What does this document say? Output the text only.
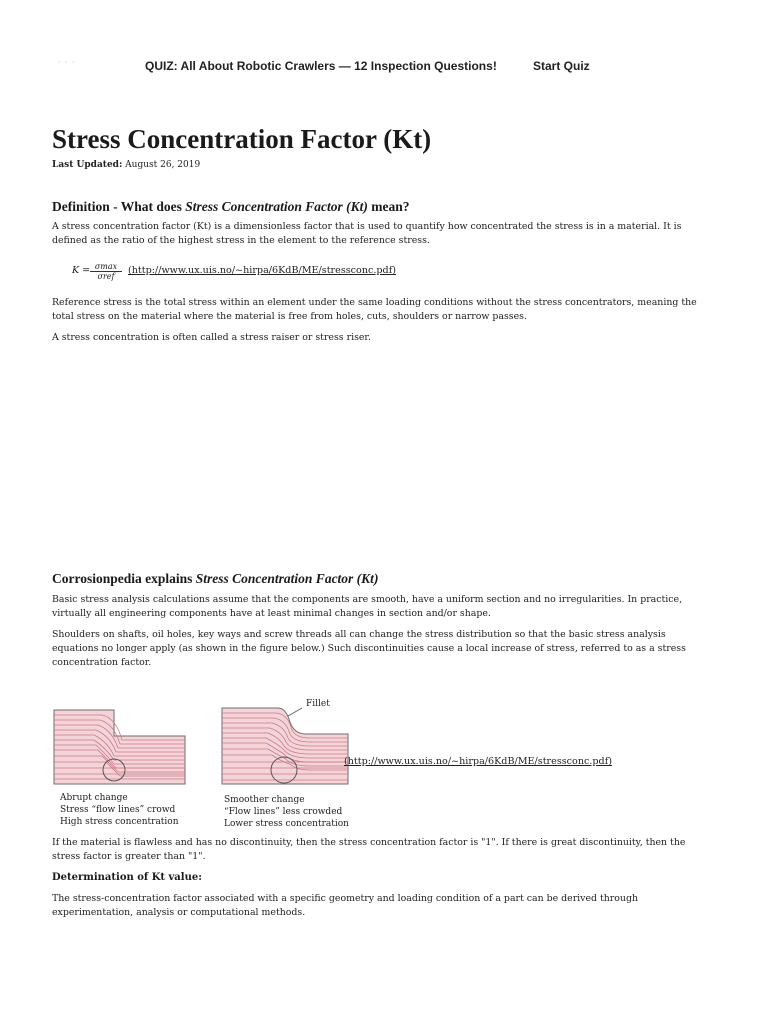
· · ·	QUIZ: All About Robotic Crawlers — 12 Inspection Questions!	Start Quiz
Stress Concentration Factor (Kt)
Last Updated: August 26, 2019
Definition - What does Stress Concentration Factor (Kt) mean?

A stress concentration factor (Kt) is a dimensionless factor that is used to quantify how concentrated the stress is in a material. It is defined as the ratio of the highest stress in the element to the reference stress.

K = σmax
σref
(http://www.ux.uis.no/~hirpa/6KdB/ME/stressconc.pdf)

Reference stress is the total stress within an element under the same loading conditions without the stress concentrators, meaning the total stress on the material where the material is free from holes, cuts, shoulders or narrow passes.

A stress concentration is often called a stress raiser or stress riser.

Corrosionpedia explains Stress Concentration Factor (Kt)

Basic stress analysis calculations assume that the components are smooth, have a uniform section and no irregularities. In practice, virtually all engineering components have at least minimal changes in section and/or shape.

Shoulders on shafts, oil holes, key ways and screw threads all can change the stress distribution so that the basic stress analysis equations no longer apply (as shown in the figure below.) Such discontinuities cause a local increase of stress, referred to as a stress concentration factor.

If the material is flawless and has no discontinuity, then the stress concentration factor is "1". If there is great discontinuity, then the stress factor is greater than "1".

Determination of Kt value:

The stress-concentration factor associated with a specific geometry and loading condition of a part can be derived through experimentation, analysis or computational methods.

Abrupt change
Stress “flow lines” crowd
High stress concentration
Fillet
Smoother change
“Flow lines” less crowded
Lower stress concentration
(http://www.ux.uis.no/~hirpa/6KdB/ME/stressconc.pdf)
